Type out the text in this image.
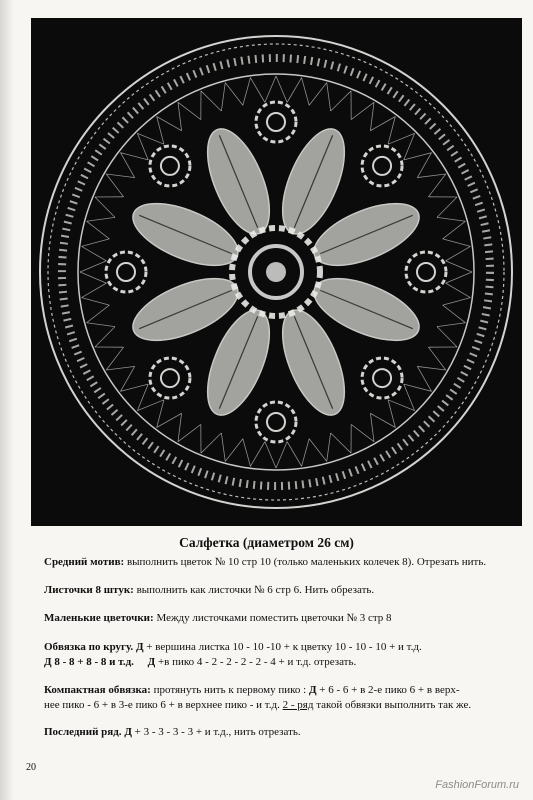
Салфетка (диаметром 26 см)
Средний мотив: выполнить цветок № 10 стр 10 (только маленьких колечек 8). Отрезать нить.
Листочки 8 штук: выполнить как листочки № 6 стр 6. Нить обрезать.
Маленькие цветочки: Между листочками поместить цветочки № 3 стр 8
Обвязка по кругу. Д + вершина листка 10 - 10 -10 + к цветку 10 - 10 - 10 + и т.д.
Д 8 - 8 + 8 - 8 и т.д. Д +в пико 4 - 2 - 2 - 2 - 2 - 4 + и т.д. отрезать.
Компактная обвязка: протянуть нить к первому пико : Д + 6 - 6 + в 2-е пико 6 + в верх-
нее пико - 6 + в 3-е пико 6 + в верхнее пико - и т.д. 2 - ряд такой обвязки выполнить так же.
Последний ряд. Д + 3 - 3 - 3 - 3 + и т.д., нить отрезать.
20
FashionForum.ru
